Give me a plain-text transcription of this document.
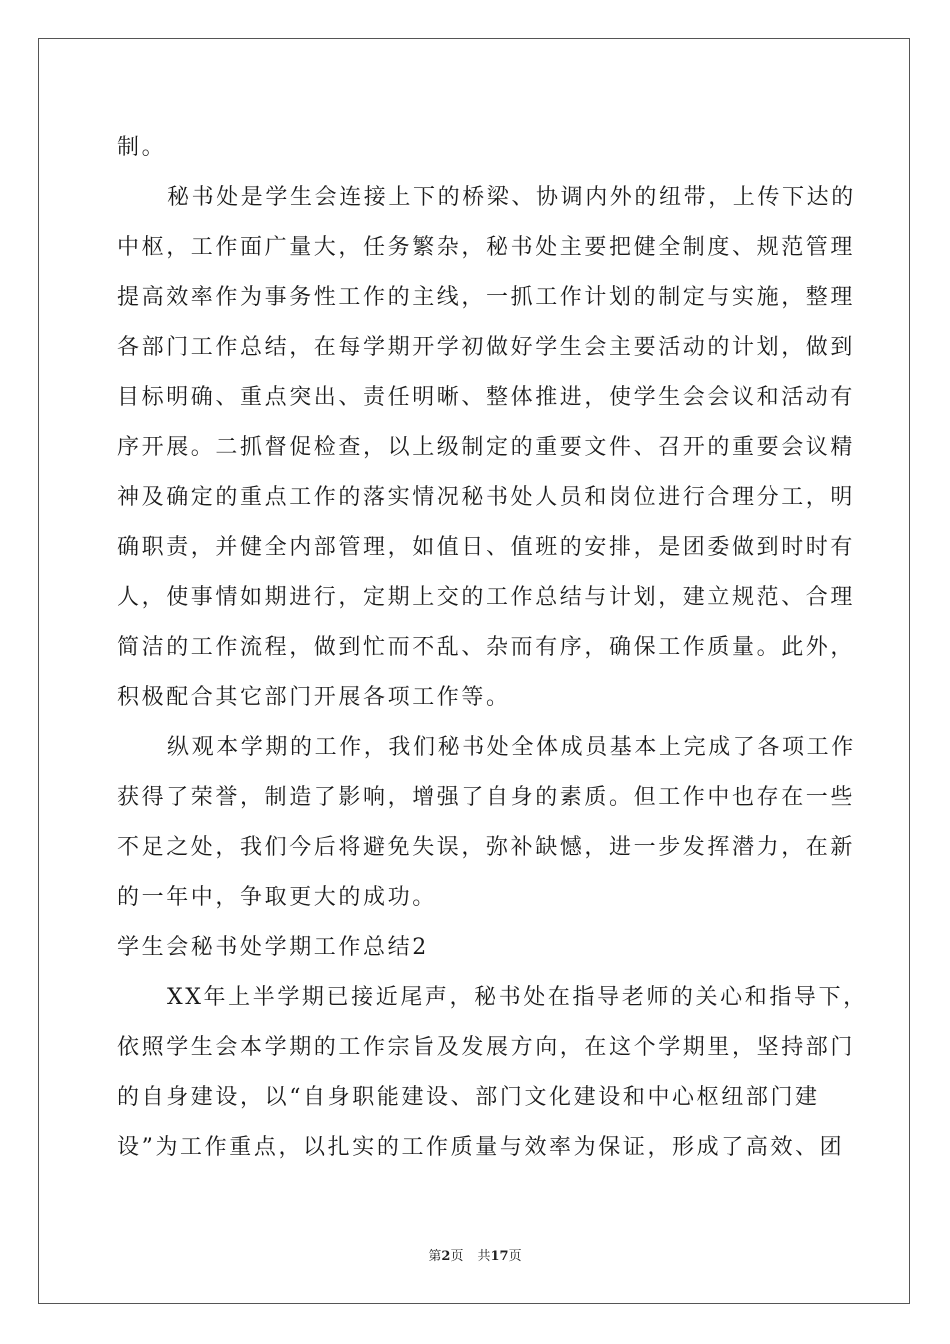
制。
秘书处是学生会连接上下的桥梁、协调内外的纽带，上传下达的
中枢，工作面广量大，任务繁杂，秘书处主要把健全制度、规范管理
提高效率作为事务性工作的主线，一抓工作计划的制定与实施，整理
各部门工作总结，在每学期开学初做好学生会主要活动的计划，做到
目标明确、重点突出、责任明晰、整体推进，使学生会会议和活动有
序开展。二抓督促检查，以上级制定的重要文件、召开的重要会议精
神及确定的重点工作的落实情况秘书处人员和岗位进行合理分工，明
确职责，并健全内部管理，如值日、值班的安排，是团委做到时时有
人，使事情如期进行，定期上交的工作总结与计划，建立规范、合理
简洁的工作流程，做到忙而不乱、杂而有序，确保工作质量。此外，
积极配合其它部门开展各项工作等。
纵观本学期的工作，我们秘书处全体成员基本上完成了各项工作
获得了荣誉，制造了影响，增强了自身的素质。但工作中也存在一些
不足之处，我们今后将避免失误，弥补缺憾，进一步发挥潜力，在新
的一年中，争取更大的成功。
学生会秘书处学期工作总结2
XX年上半学期已接近尾声，秘书处在指导老师的关心和指导下，
依照学生会本学期的工作宗旨及发展方向，在这个学期里，坚持部门
的自身建设，以“自身职能建设、部门文化建设和中心枢纽部门建
设”为工作重点，以扎实的工作质量与效率为保证，形成了高效、团
第2页 共17页
